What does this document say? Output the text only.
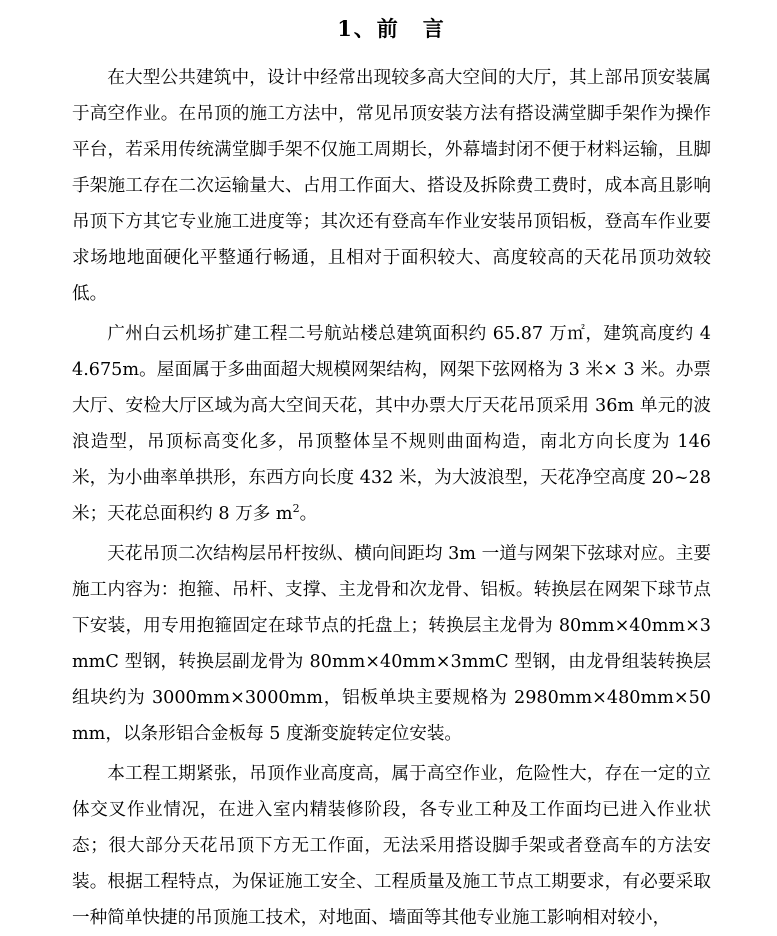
1、前　言

在大型公共建筑中，设计中经常出现较多高大空间的大厅，其上部吊顶安装属于高空作业。在吊顶的施工方法中，常见吊顶安装方法有搭设满堂脚手架作为操作平台，若采用传统满堂脚手架不仅施工周期长，外幕墙封闭不便于材料运输，且脚手架施工存在二次运输量大、占用工作面大、搭设及拆除费工费时，成本高且影响吊顶下方其它专业施工进度等；其次还有登高车作业安装吊顶铝板，登高车作业要求场地地面硬化平整通行畅通，且相对于面积较大、高度较高的天花吊顶功效较低。

广州白云机场扩建工程二号航站楼总建筑面积约 65.87 万㎡，建筑高度约 44.675m。屋面属于多曲面超大规模网架结构，网架下弦网格为 3 米× 3 米。办票大厅、安检大厅区域为高大空间天花，其中办票大厅天花吊顶采用 36m 单元的波浪造型，吊顶标高变化多，吊顶整体呈不规则曲面构造，南北方向长度为 146 米，为小曲率单拱形，东西方向长度 432 米，为大波浪型，天花净空高度 20~28 米；天花总面积约 8 万多 $m^2$。

天花吊顶二次结构层吊杆按纵、横向间距均 3m 一道与网架下弦球对应。主要施工内容为：抱箍、吊杆、支撑、主龙骨和次龙骨、铝板。转换层在网架下球节点下安装，用专用抱箍固定在球节点的托盘上；转换层主龙骨为 80mm×40mm×3mmC 型钢，转换层副龙骨为 80mm×40mm×3mmC 型钢，由龙骨组装转换层组块约为 3000mm×3000mm，铝板单块主要规格为 2980mm×480mm×50mm，以条形铝合金板每 5 度渐变旋转定位安装。

本工程工期紧张，吊顶作业高度高，属于高空作业，危险性大，存在一定的立体交叉作业情况，在进入室内精装修阶段，各专业工种及工作面均已进入作业状态；很大部分天花吊顶下方无工作面，无法采用搭设脚手架或者登高车的方法安装。根据工程特点，为保证施工安全、工程质量及施工节点工期要求，有必要采取一种简单快捷的吊顶施工技术，对地面、墙面等其他专业施工影响相对较小，
